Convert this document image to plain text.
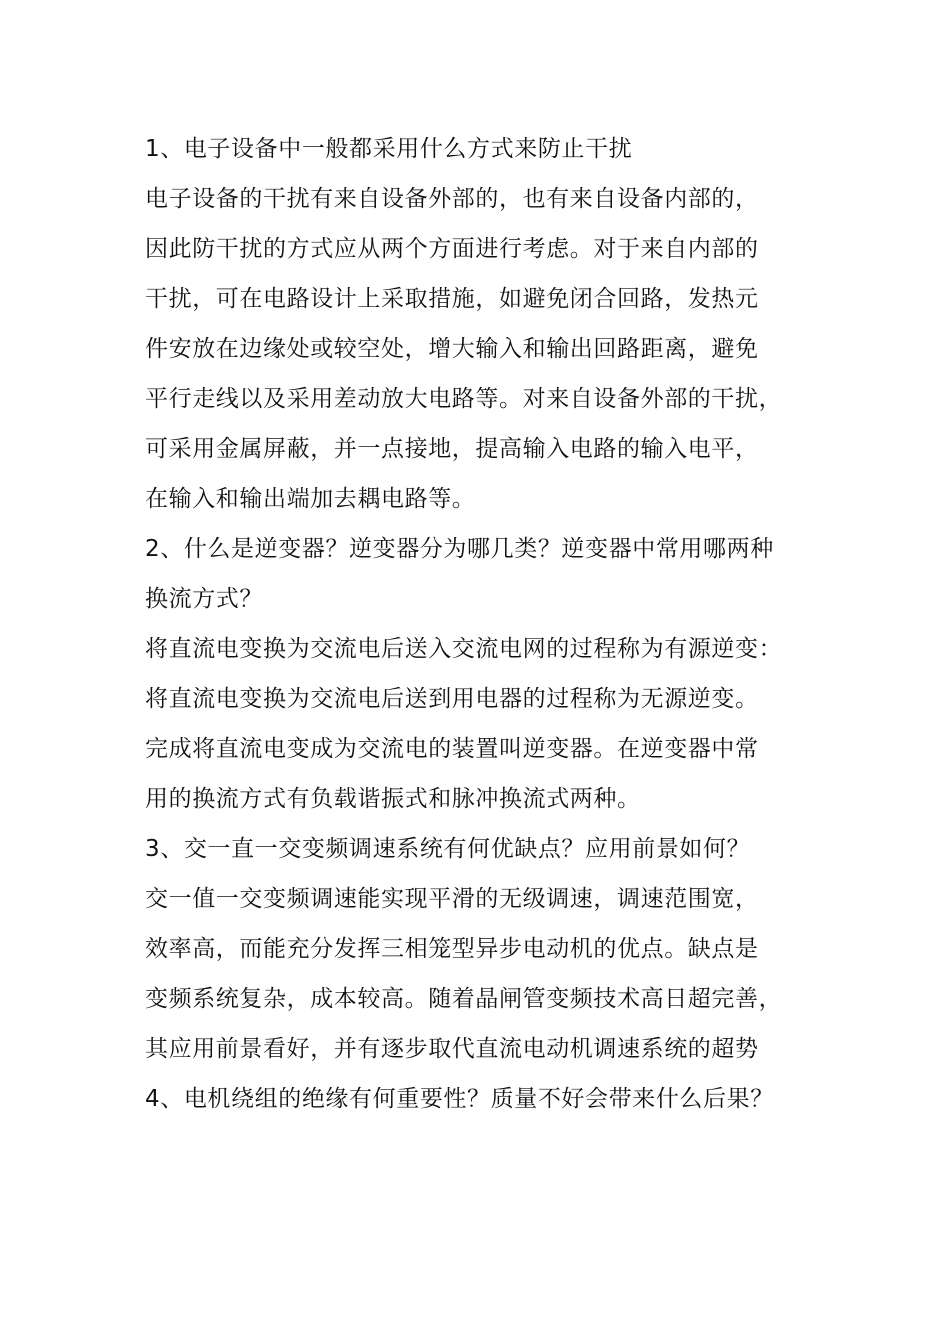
1、电子设备中一般都采用什么方式来防止干扰
电子设备的干扰有来自设备外部的，也有来自设备内部的，
因此防干扰的方式应从两个方面进行考虑。对于来自内部的
干扰，可在电路设计上采取措施，如避免闭合回路，发热元
件安放在边缘处或较空处，增大输入和输出回路距离，避免
平行走线以及采用差动放大电路等。对来自设备外部的干扰，
可采用金属屏蔽，并一点接地，提高输入电路的输入电平，
在输入和输出端加去耦电路等。
2、什么是逆变器？逆变器分为哪几类？逆变器中常用哪两种
换流方式？
将直流电变换为交流电后送入交流电网的过程称为有源逆变：
将直流电变换为交流电后送到用电器的过程称为无源逆变。
完成将直流电变成为交流电的装置叫逆变器。在逆变器中常
用的换流方式有负载谐振式和脉冲换流式两种。
3、交一直一交变频调速系统有何优缺点？应用前景如何？
交一值一交变频调速能实现平滑的无级调速，调速范围宽，
效率高，而能充分发挥三相笼型异步电动机的优点。缺点是
变频系统复杂，成本较高。随着晶闸管变频技术高日超完善，
其应用前景看好，并有逐步取代直流电动机调速系统的超势
4、电机绕组的绝缘有何重要性？质量不好会带来什么后果？
